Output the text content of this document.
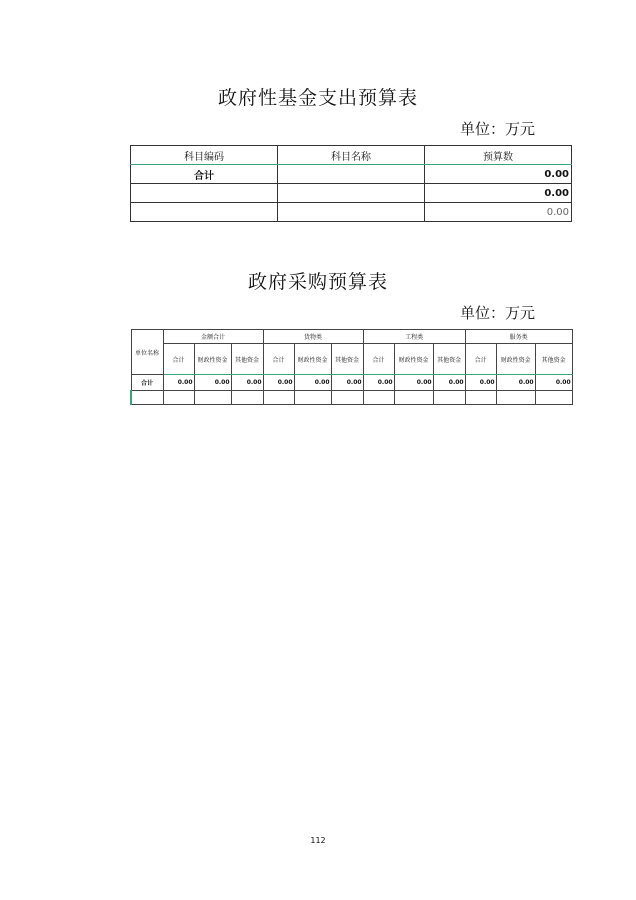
政府性基金支出预算表
单位：万元
科目编码	科目名称	预算数
合计		0.00
		0.00
		0.00
政府采购预算表
单位：万元
单位名称	金额合计			货物类			工程类			服务类		
	合计	财政性资金	其他资金	合计	财政性资金	其他资金	合计	财政性资金	其他资金	合计	财政性资金	其他资金
合计	0.00	0.00	0.00	0.00	0.00	0.00	0.00	0.00	0.00	0.00	0.00	0.00

112
